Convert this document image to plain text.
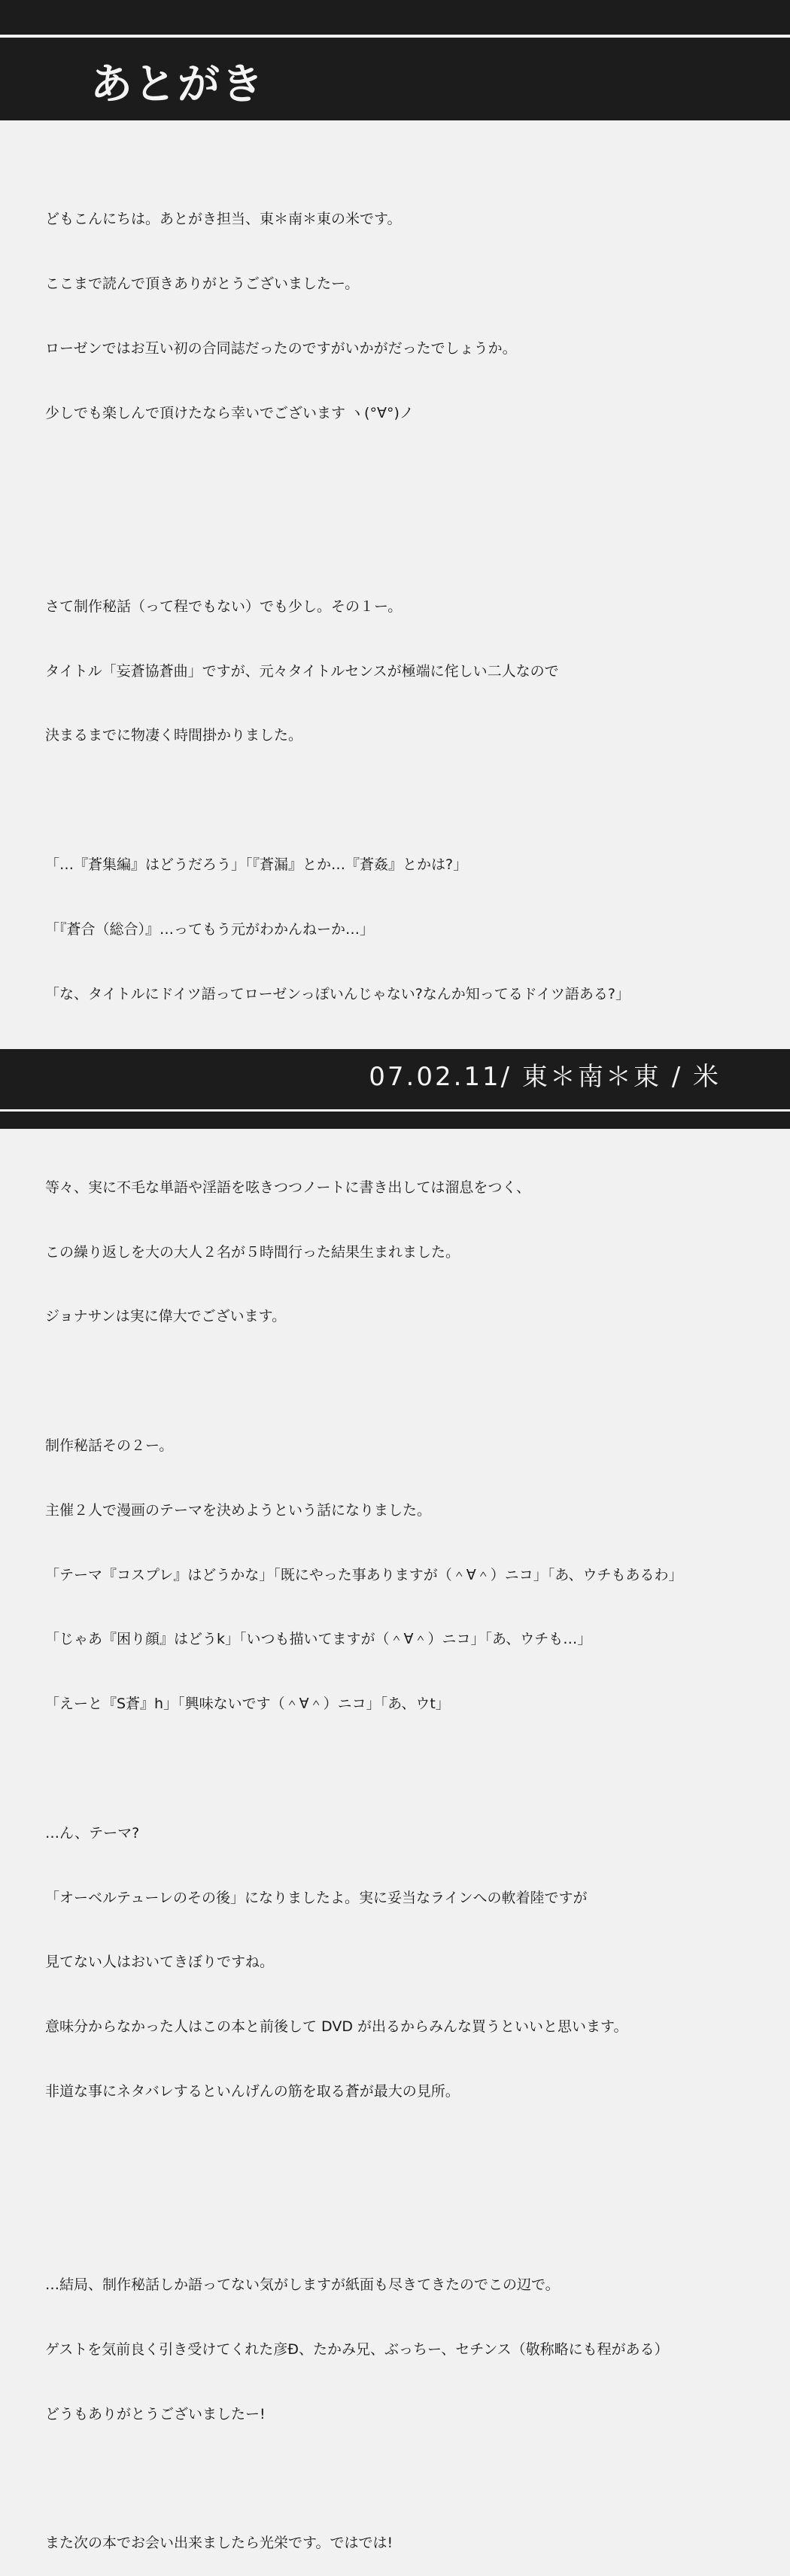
あとがき

どもこんにちは。あとがき担当、東＊南＊東の米です。

ここまで読んで頂きありがとうございましたー。

ローゼンではお互い初の合同誌だったのですがいかがだったでしょうか。

少しでも楽しんで頂けたなら幸いでございます ヽ(°∀°)ノ

さて制作秘話（って程でもない）でも少し。その１ー。

タイトル「妄蒼協蒼曲」ですが、元々タイトルセンスが極端に侘しい二人なので

決まるまでに物凄く時間掛かりました。

「…『蒼集編』はどうだろう」「『蒼漏』とか…『蒼姦』とかは?」

「『蒼合（総合）』…ってもう元がわかんねーか…」

「な、タイトルにドイツ語ってローゼンっぽいんじゃない?なんか知ってるドイツ語ある?」

等々、実に不毛な単語や淫語を呟きつつノートに書き出しては溜息をつく、

この繰り返しを大の大人２名が５時間行った結果生まれました。

ジョナサンは実に偉大でございます。

制作秘話その２ー。

主催２人で漫画のテーマを決めようという話になりました。

「テーマ『コスプレ』はどうかな」「既にやった事ありますが（＾∀＾）ニコ」「あ、ウチもあるわ」

「じゃあ『困り顔』はどうk」「いつも描いてますが（＾∀＾）ニコ」「あ、ウチも…」

「えーと『S蒼』h」「興味ないです（＾∀＾）ニコ」「あ、ウt」

…ん、テーマ?

「オーベルテューレのその後」になりましたよ。実に妥当なラインへの軟着陸ですが

見てない人はおいてきぼりですね。

意味分からなかった人はこの本と前後して DVD が出るからみんな買うといいと思います。

非道な事にネタバレするといんげんの筋を取る蒼が最大の見所。

…結局、制作秘話しか語ってない気がしますが紙面も尽きてきたのでこの辺で。

ゲストを気前良く引き受けてくれた彦Ð、たかみ兄、ぶっちー、セチンス（敬称略にも程がある）

どうもありがとうございましたー!

また次の本でお会い出来ましたら光栄です。ではでは!

07.02.11/ 東＊南＊東 / 米
